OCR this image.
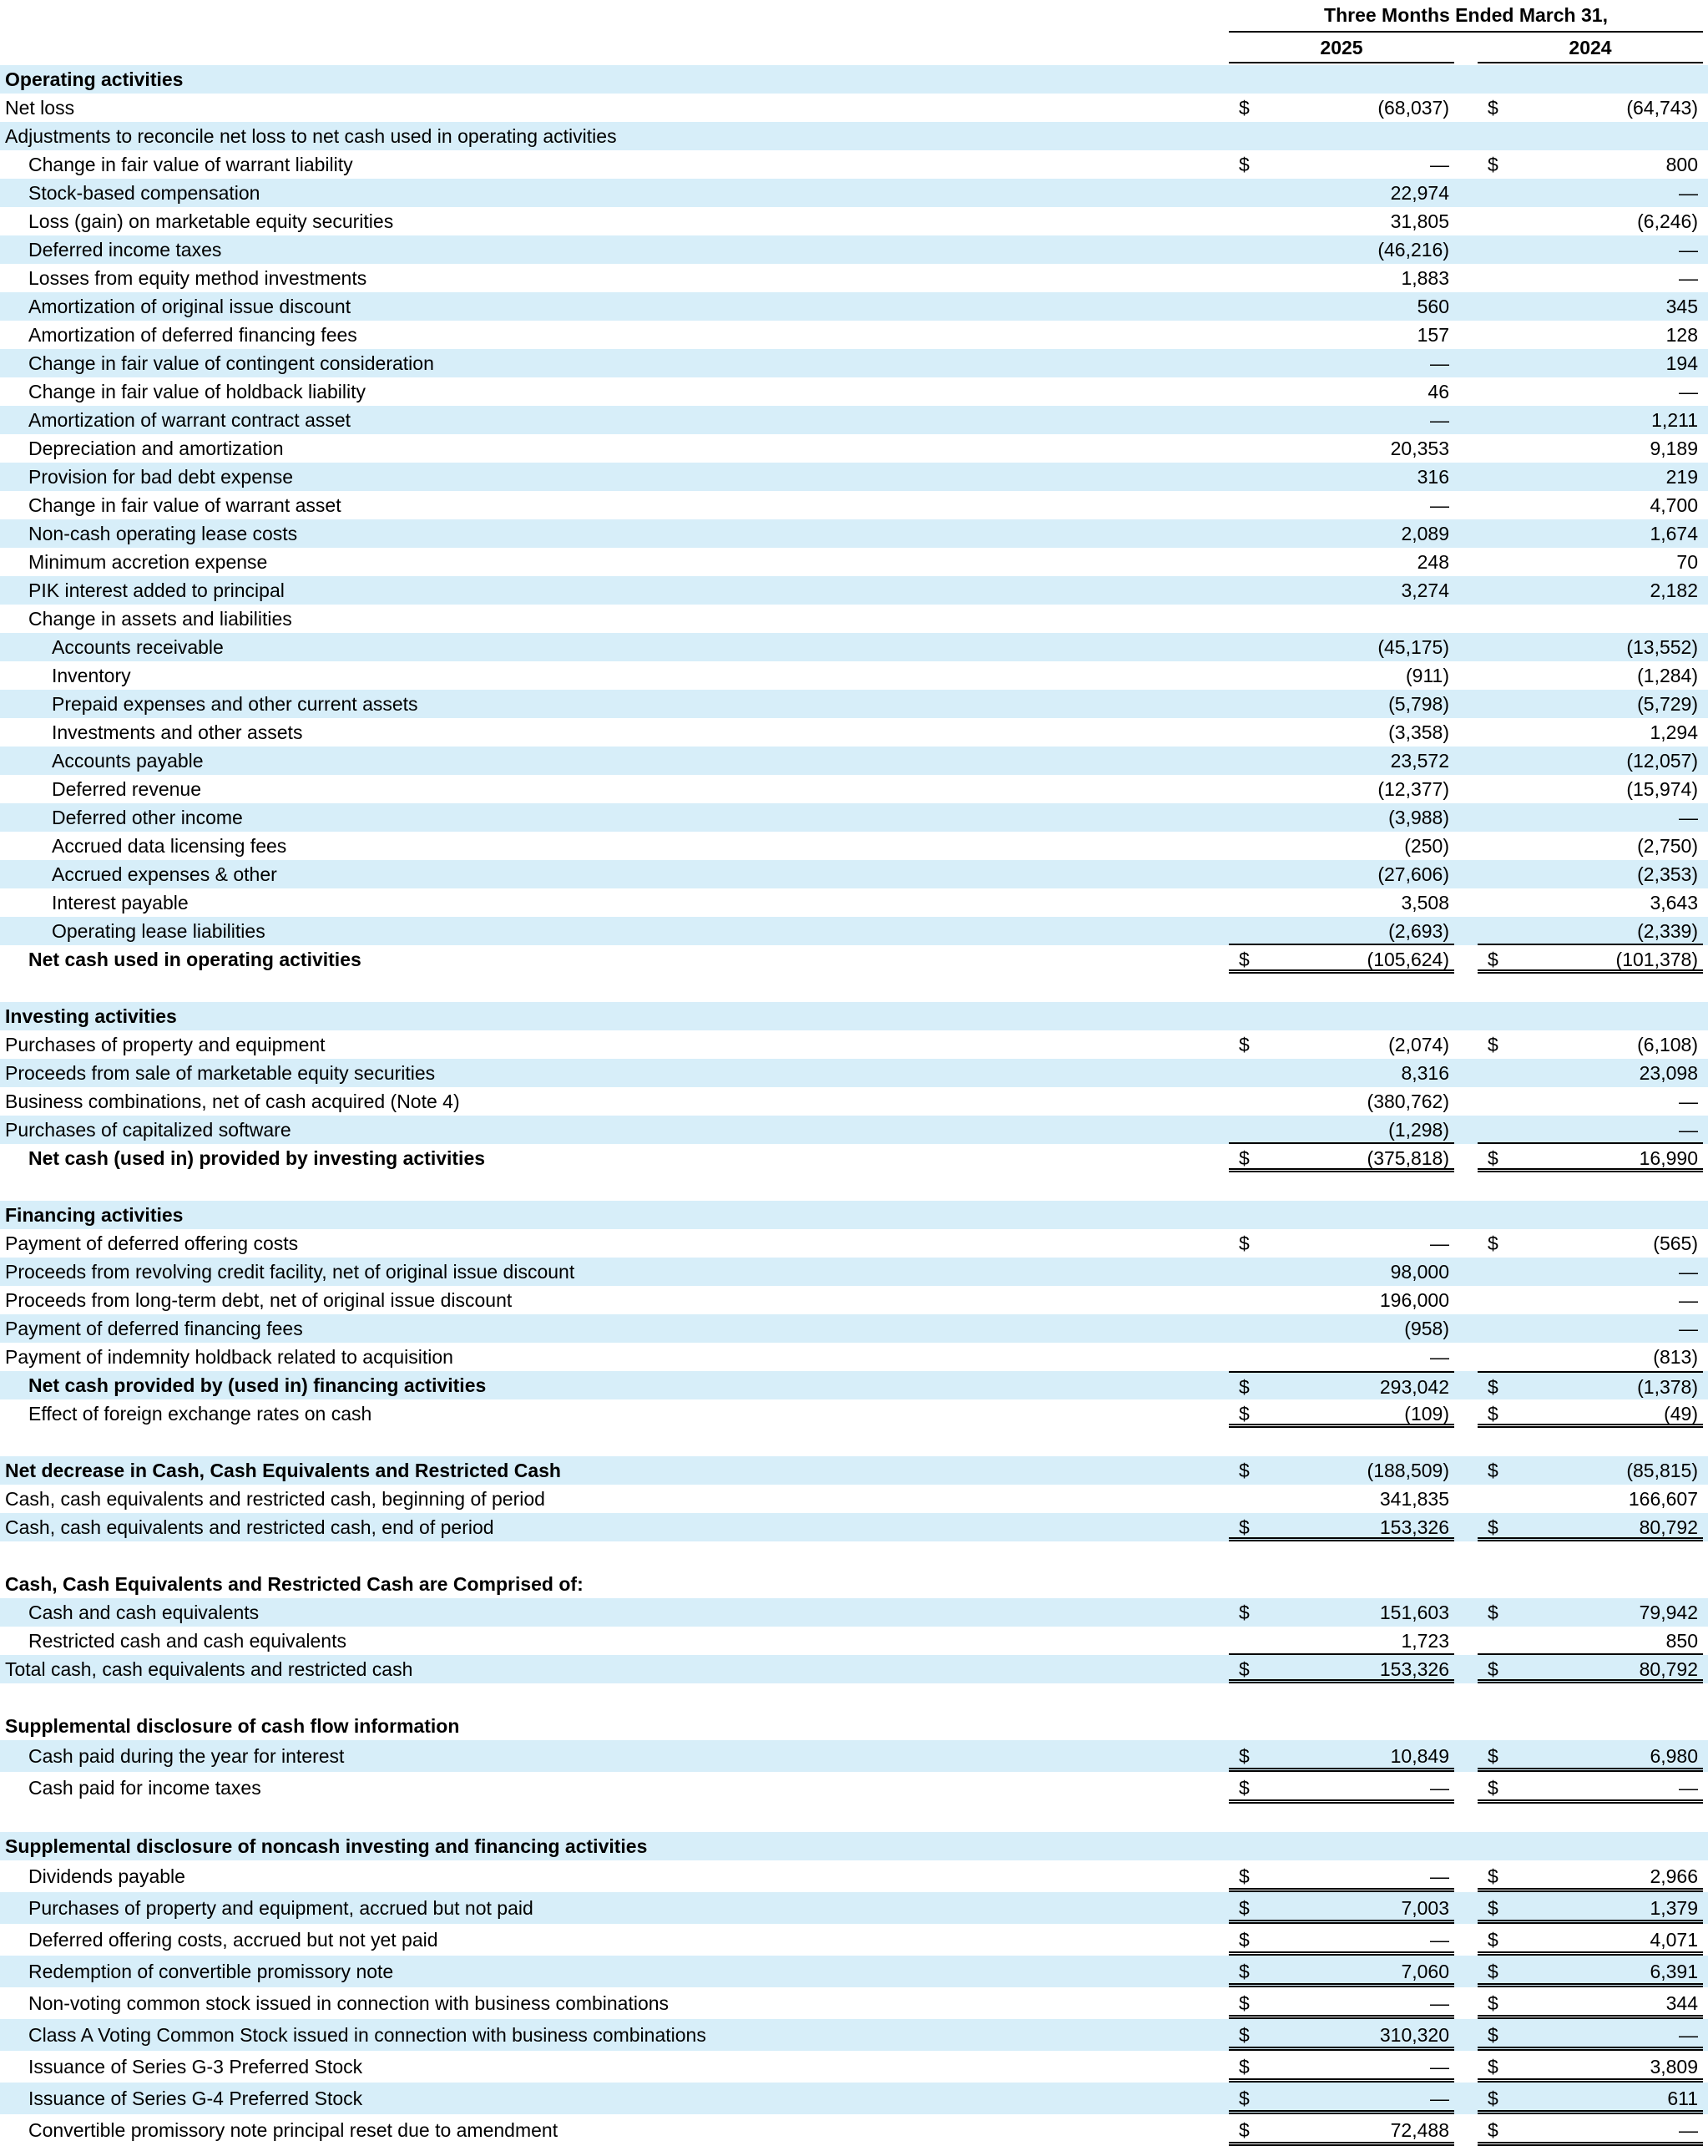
Three Months Ended March 31,
2025	2024
Operating activities
Net loss	$	(68,037) $	(64,743)
Adjustments to reconcile net loss to net cash used in operating activities
Change in fair value of warrant liability	$	— $	800
Stock-based compensation	22,974	—
Loss (gain) on marketable equity securities	31,805	(6,246)
Deferred income taxes	(46,216)	—
Losses from equity method investments	1,883	—
Amortization of original issue discount	560	345
Amortization of deferred financing fees	157	128
Change in fair value of contingent consideration	—	194
Change in fair value of holdback liability	46	—
Amortization of warrant contract asset	—	1,211
Depreciation and amortization	20,353	9,189
Provision for bad debt expense	316	219
Change in fair value of warrant asset	—	4,700
Non-cash operating lease costs	2,089	1,674
Minimum accretion expense	248	70
PIK interest added to principal	3,274	2,182
Change in assets and liabilities
Accounts receivable	(45,175)	(13,552)
Inventory	(911)	(1,284)
Prepaid expenses and other current assets	(5,798)	(5,729)
Investments and other assets	(3,358)	1,294
Accounts payable	23,572	(12,057)
Deferred revenue	(12,377)	(15,974)
Deferred other income	(3,988)	—
Accrued data licensing fees	(250)	(2,750)
Accrued expenses & other	(27,606)	(2,353)
Interest payable	3,508	3,643
Operating lease liabilities	(2,693)	(2,339)
Net cash used in operating activities	$	(105,624) $	(101,378)
Investing activities
Purchases of property and equipment	$	(2,074) $	(6,108)
Proceeds from sale of marketable equity securities	8,316	23,098
Business combinations, net of cash acquired (Note 4)	(380,762)	—
Purchases of capitalized software	(1,298)	—
Net cash (used in) provided by investing activities	$	(375,818) $	16,990
Financing activities
Payment of deferred offering costs	$	— $	(565)
Proceeds from revolving credit facility, net of original issue discount	98,000	—
Proceeds from long-term debt, net of original issue discount	196,000	—
Payment of deferred financing fees	(958)	—
Payment of indemnity holdback related to acquisition	—	(813)
Net cash provided by (used in) financing activities	$	293,042 $	(1,378)
Effect of foreign exchange rates on cash	$	(109) $	(49)
Net decrease in Cash, Cash Equivalents and Restricted Cash	$	(188,509) $	(85,815)
Cash, cash equivalents and restricted cash, beginning of period	341,835	166,607
Cash, cash equivalents and restricted cash, end of period	$	153,326 $	80,792
Cash, Cash Equivalents and Restricted Cash are Comprised of:
Cash and cash equivalents	$	151,603 $	79,942
Restricted cash and cash equivalents	1,723	850
Total cash, cash equivalents and restricted cash	$	153,326 $	80,792
Supplemental disclosure of cash flow information
Cash paid during the year for interest	$	10,849 $	6,980
Cash paid for income taxes	$	— $	—
Supplemental disclosure of noncash investing and financing activities
Dividends payable	$	— $	2,966
Purchases of property and equipment, accrued but not paid	$	7,003 $	1,379
Deferred offering costs, accrued but not yet paid	$	— $	4,071
Redemption of convertible promissory note	$	7,060 $	6,391
Non-voting common stock issued in connection with business combinations	$	— $	344
Class A Voting Common Stock issued in connection with business combinations	$	310,320 $	—
Issuance of Series G-3 Preferred Stock	$	— $	3,809
Issuance of Series G-4 Preferred Stock	$	— $	611
Convertible promissory note principal reset due to amendment	$	72,488 $	—
